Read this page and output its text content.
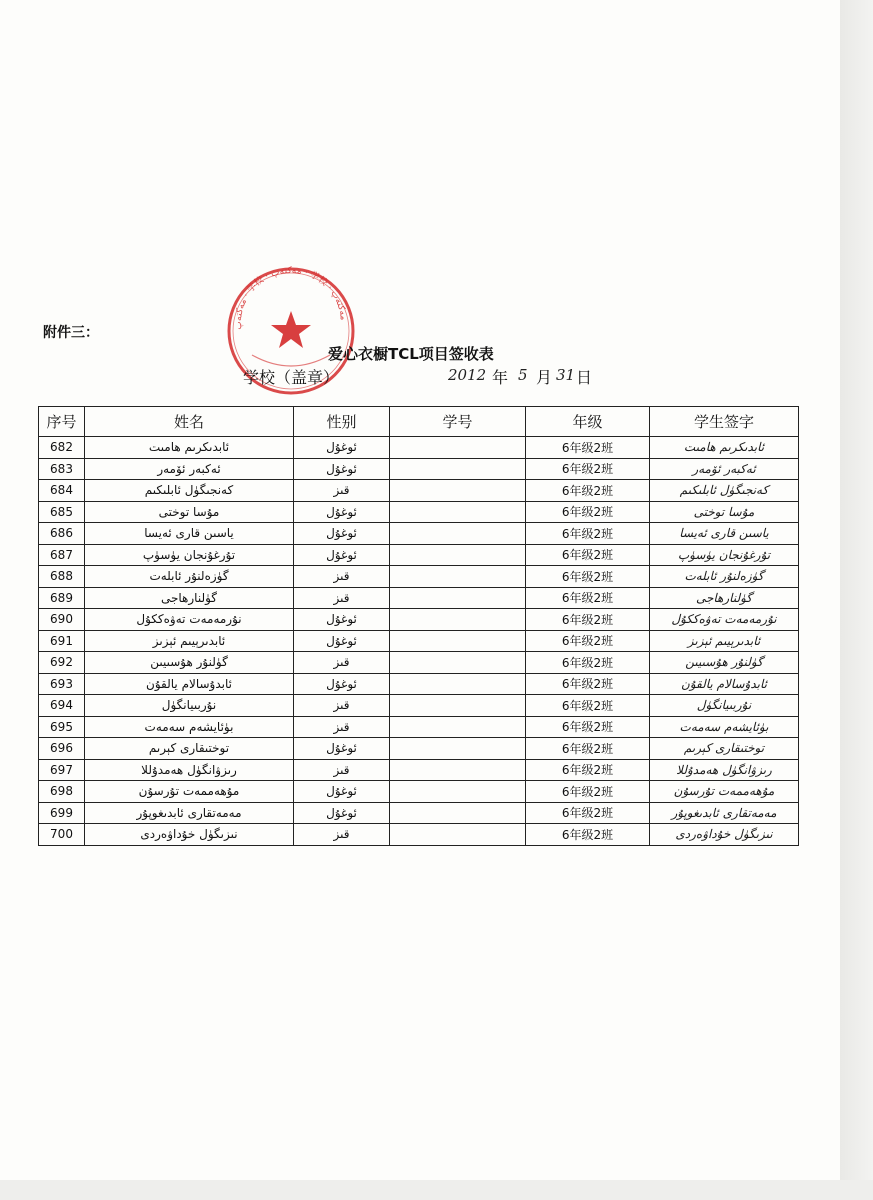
مەكتەپ · 学校 · مەكتەپ · 学校 · مەكتەپ
附件三：
爱心衣橱TCL项目签收表
学校（盖章）	2012 年 5 月 31 日
序号	姓名	性别	学号	年级	学生签字
682	ئابدىكرىم ھامىت	ئوغۇل		6年级2班	ئابدىكرىم ھامىت
683	ئەكبەر ئۆمەر	ئوغۇل		6年级2班	ئەكبەر ئۆمەر
684	كەنجىگۈل ئابلىكىم	قىز		6年级2班	كەنجىگۈل ئابلىكىم
685	مۇسا توختى	ئوغۇل		6年级2班	مۇسا توختى
686	ياسىن قارى ئەيسا	ئوغۇل		6年级2班	ياسىن قارى ئەيسا
687	تۇرغۇنجان يۈسۈپ	ئوغۇل		6年级2班	تۇرغۇنجان يۈسۈپ
688	گۈزەلنۇر ئابلەت	قىز		6年级2班	گۈزەلنۇر ئابلەت
689	گۈلنارھاجى	قىز		6年级2班	گۈلنارھاجى
690	نۇرمەمەت تەۋەككۇل	ئوغۇل		6年级2班	نۇرمەمەت تەۋەككۇل
691	ئابدىرېيىم ئېزىز	ئوغۇل		6年级2班	ئابدىرېيىم ئېزىز
692	گۈلنۇر ھۇسىيىن	قىز		6年级2班	گۈلنۇر ھۇسىيىن
693	ئابدۇسالام يالقۇن	ئوغۇل		6年级2班	ئابدۇسالام يالقۇن
694	نۇربىيانگۈل	قىز		6年级2班	نۇربىيانگۈل
695	بۈئايشەم سەمەت	قىز		6年级2班	بۈئايشەم سەمەت
696	توختىقارى كېرىم	ئوغۇل		6年级2班	توختىقارى كېرىم
697	رىزۋانگۈل ھەمدۇللا	قىز		6年级2班	رىزۋانگۈل ھەمدۇللا
698	مۇھەممەت تۇرسۇن	ئوغۇل		6年级2班	مۇھەممەت تۇرسۇن
699	مەمەتقارى ئابدىغوپۇر	ئوغۇل		6年级2班	مەمەتقارى ئابدىغوپۇر
700	نىزىگۈل خۇداۋەردى	قىز		6年级2班	نىزىگۈل خۇداۋەردى
